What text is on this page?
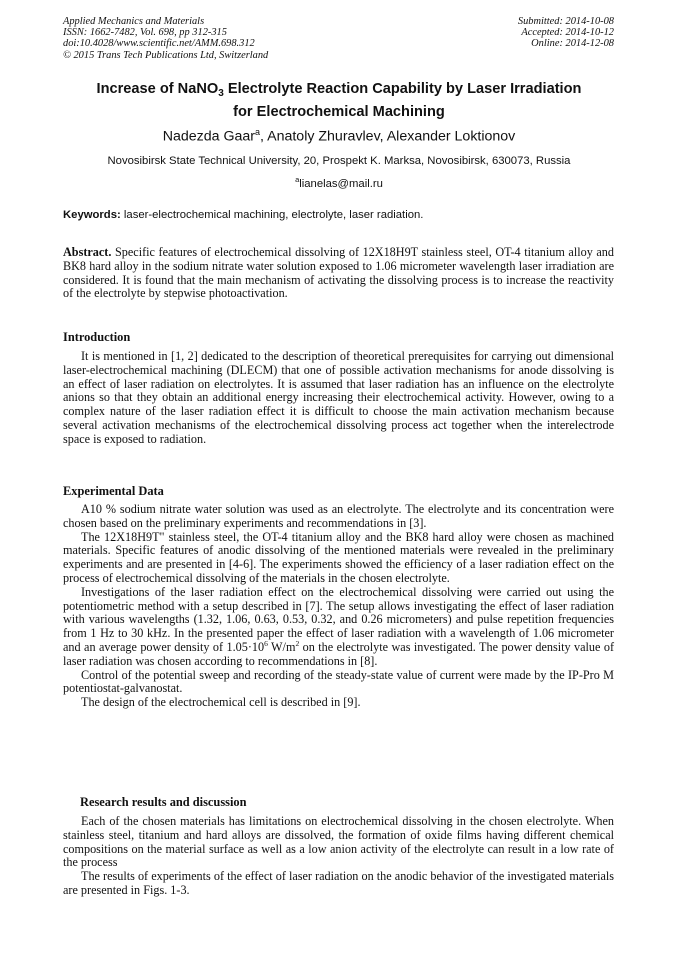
Applied Mechanics and Materials
ISSN: 1662-7482, Vol. 698, pp 312-315
doi:10.4028/www.scientific.net/AMM.698.312
© 2015 Trans Tech Publications Ltd, Switzerland
Submitted: 2014-10-08
Accepted: 2014-10-12
Online: 2014-12-08
Increase of NaNO$_3$ Electrolyte Reaction Capability by Laser Irradiation
for Electrochemical Machining
Nadezda Gaar$^a$, Anatoly Zhuravlev, Alexander Loktionov
Novosibirsk State Technical University, 20, Prospekt K. Marksa, Novosibirsk, 630073, Russia
$^a$lianelas@mail.ru
Keywords: laser-electrochemical machining, electrolyte, laser radiation.

Abstract. Specific features of electrochemical dissolving of 12X18H9T stainless steel, OT-4 titanium alloy and BK8 hard alloy in the sodium nitrate water solution exposed to 1.06 micrometer wavelength laser irradiation are considered. It is found that the main mechanism of activating the dissolving process is to increase the reactivity of the electrolyte by stepwise photoactivation.

Introduction

It is mentioned in [1, 2] dedicated to the description of theoretical prerequisites for carrying out dimensional laser-electrochemical machining (DLECM) that one of possible activation mechanisms for anode dissolving is an effect of laser radiation on electrolytes. It is assumed that laser radiation has an influence on the electrolyte anions so that they obtain an additional energy increasing their electrochemical activity. However, owing to a complex nature of the laser radiation effect it is difficult to choose the main activation mechanism because several activation mechanisms of the electrochemical dissolving process act together when the interelectrode space is exposed to radiation.

Experimental Data

A10 % sodium nitrate water solution was used as an electrolyte. The electrolyte and its concentration were chosen based on the preliminary experiments and recommendations in [3].

The 12X18H9T" stainless steel, the OT-4 titanium alloy and the BK8 hard alloy were chosen as machined materials. Specific features of anodic dissolving of the mentioned materials were revealed in the preliminary experiments and are presented in [4-6]. The experiments showed the efficiency of a laser radiation effect on the process of electrochemical dissolving of the materials in the chosen electrolyte.

Investigations of the laser radiation effect on the electrochemical dissolving were carried out using the potentiometric method with a setup described in [7]. The setup allows investigating the effect of laser radiation with various wavelengths (1.32, 1.06, 0.63, 0.53, 0.32, and 0.26 micrometers) and pulse repetition frequencies from 1 Hz to 30 kHz. In the presented paper the effect of laser radiation with a wavelength of 1.06 micrometer and an average power density of $1.05\cdot 10^6$ $W/m^2$ on the electrolyte was investigated. The power density value of laser radiation was chosen according to recommendations in [8].

Control of the potential sweep and recording of the steady-state value of current were made by the IP-Pro M potentiostat-galvanostat.

The design of the electrochemical cell is described in [9].

Research results and discussion

Each of the chosen materials has limitations on electrochemical dissolving in the chosen electrolyte. When stainless steel, titanium and hard alloys are dissolved, the formation of oxide films having different chemical compositions on the material surface as well as a low anion activity of the electrolyte can result in a low rate of the process

The results of experiments of the effect of laser radiation on the anodic behavior of the investigated materials are presented in Figs. 1-3.
